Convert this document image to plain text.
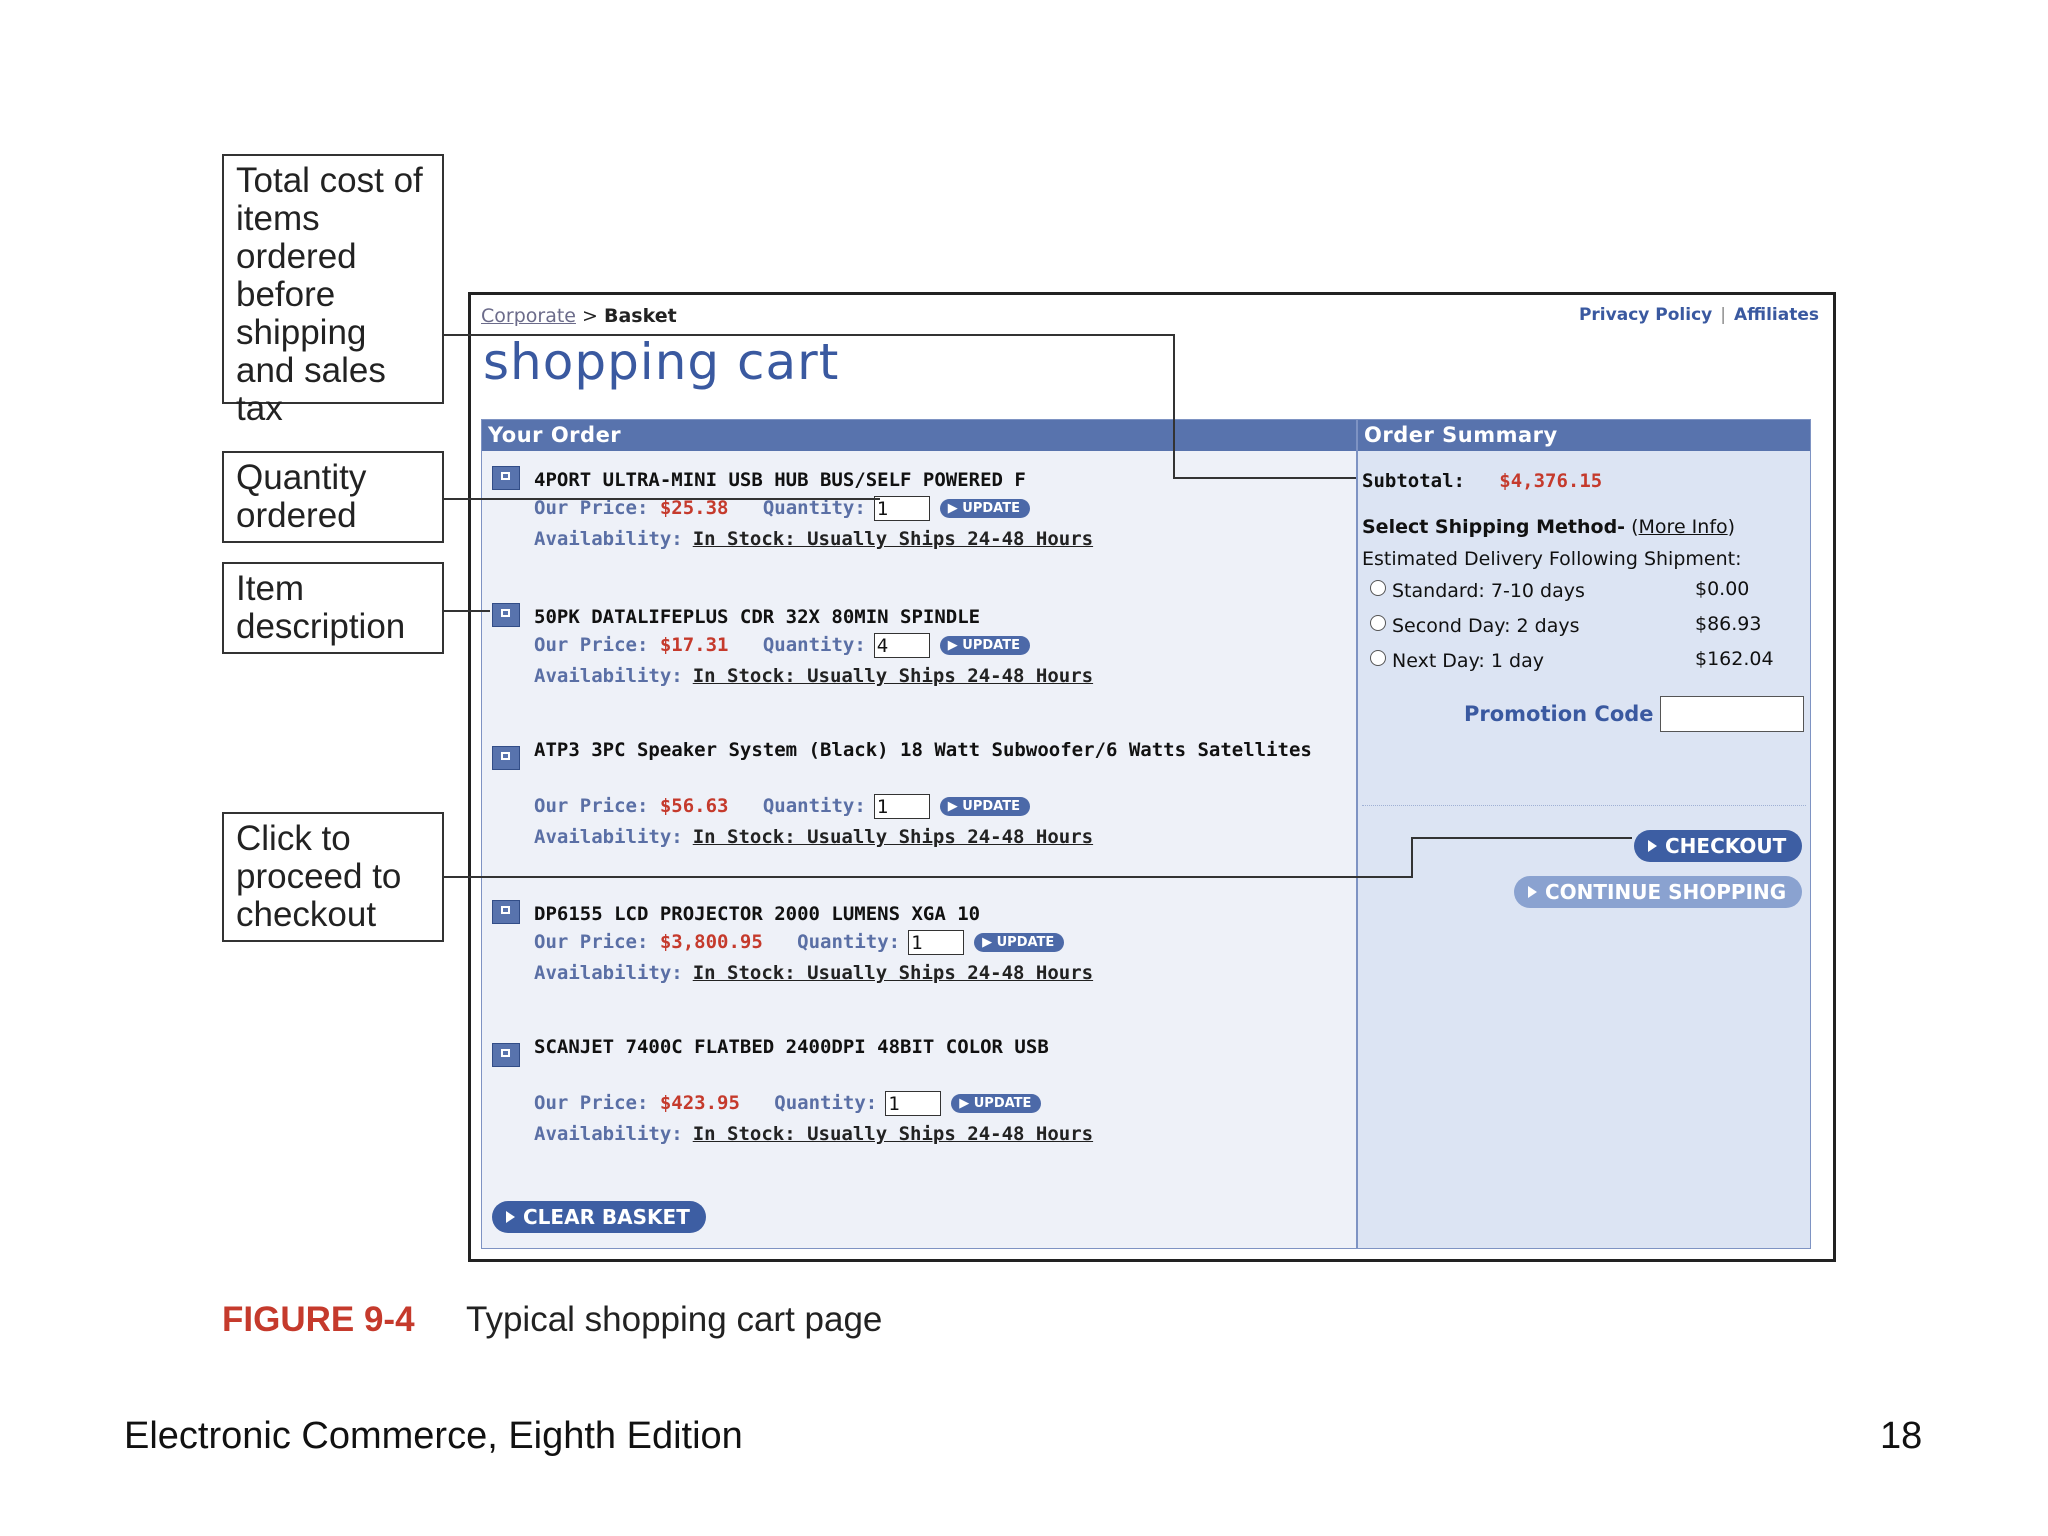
Total cost of items ordered before shipping and sales tax
Quantity ordered
Item description
Click to proceed to checkout
Corporate > Basket	Privacy Policy | Affiliates
shopping cart
Your Order
4PORT ULTRA-MINI USB HUB BUS/SELF POWERED F
Our Price: $25.38 Quantity: 1	▶ UPDATE
Availability: In Stock: Usually Ships 24-48 Hours
50PK DATALIFEPLUS CDR 32X 80MIN SPINDLE
Our Price: $17.31 Quantity: 4	▶ UPDATE
Availability: In Stock: Usually Ships 24-48 Hours
ATP3 3PC Speaker System (Black) 18 Watt Subwoofer/6 Watts Satellites
Our Price: $56.63 Quantity: 1	▶ UPDATE
Availability: In Stock: Usually Ships 24-48 Hours
DP6155 LCD PROJECTOR 2000 LUMENS XGA 10
Our Price: $3,800.95 Quantity: 1	▶ UPDATE
Availability: In Stock: Usually Ships 24-48 Hours
SCANJET 7400C FLATBED 2400DPI 48BIT COLOR USB
Our Price: $423.95 Quantity: 1	▶ UPDATE
Availability: In Stock: Usually Ships 24-48 Hours
CLEAR BASKET
Order Summary
Subtotal: $4,376.15
Select Shipping Method- (More Info)
Estimated Delivery Following Shipment:
Standard: 7-10 days	$0.00
Second Day: 2 days	$86.93
Next Day: 1 day	$162.04
Promotion Code
CHECKOUT
CONTINUE SHOPPING
FIGURE 9-4 Typical shopping cart page
Electronic Commerce, Eighth Edition	18
